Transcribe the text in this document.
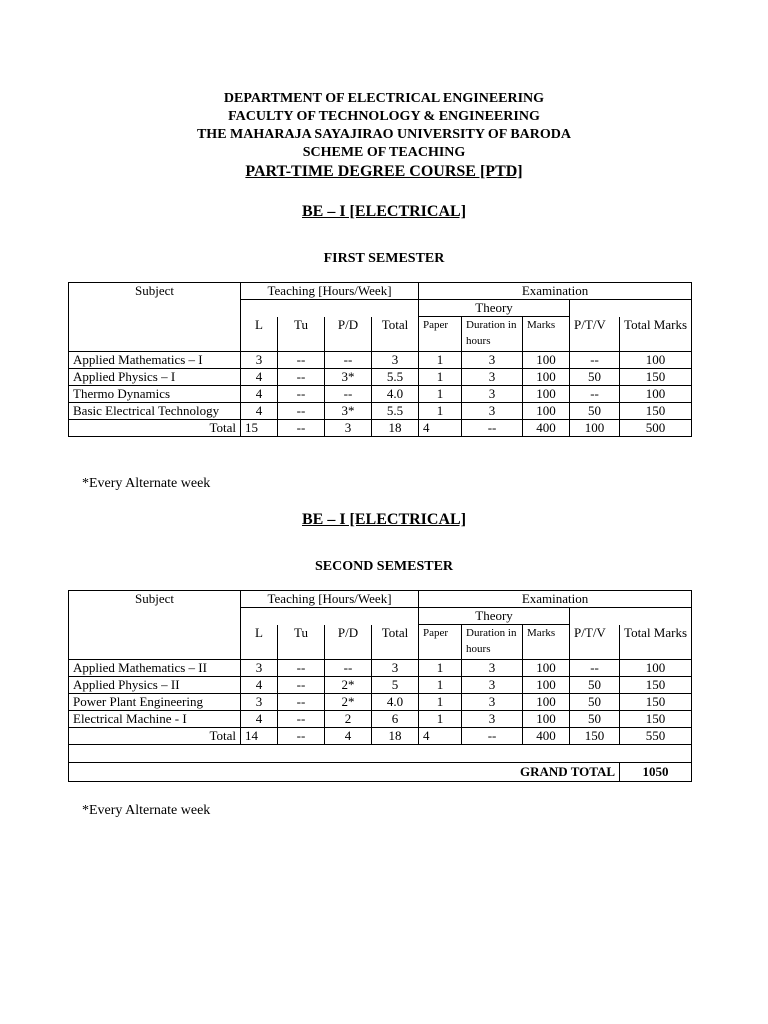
DEPARTMENT OF ELECTRICAL ENGINEERING
FACULTY OF TECHNOLOGY & ENGINEERING
THE MAHARAJA SAYAJIRAO UNIVERSITY OF BARODA
SCHEME OF TEACHING
PART-TIME DEGREE COURSE [PTD]
BE – I [ELECTRICAL]
FIRST SEMESTER
*Every Alternate week
BE – I [ELECTRICAL]
SECOND SEMESTER
*Every Alternate week
Subject	Teaching [Hours/Week]				Examination				
					Theory				
	L	Tu	P/D	Total	Paper	Duration in hours	Marks	P/T/V	Total Marks
Applied Mathematics – I	3	--	--	3	1	3	100	--	100
Applied Physics – I	4	--	3*	5.5	1	3	100	50	150
Thermo Dynamics	4	--	--	4.0	1	3	100	--	100
Basic Electrical Technology	4	--	3*	5.5	1	3	100	50	150
Total	15	--	3	18	4	--	400	100	500
Subject	Teaching [Hours/Week]				Examination				
					Theory				
	L	Tu	P/D	Total	Paper	Duration in hours	Marks	P/T/V	Total Marks
Applied Mathematics – II	3	--	--	3	1	3	100	--	100
Applied Physics – II	4	--	2*	5	1	3	100	50	150
Power Plant Engineering	3	--	2*	4.0	1	3	100	50	150
Electrical Machine - I	4	--	2	6	1	3	100	50	150
Total	14	--	4	18	4	--	400	150	550

GRAND TOTAL									1050
